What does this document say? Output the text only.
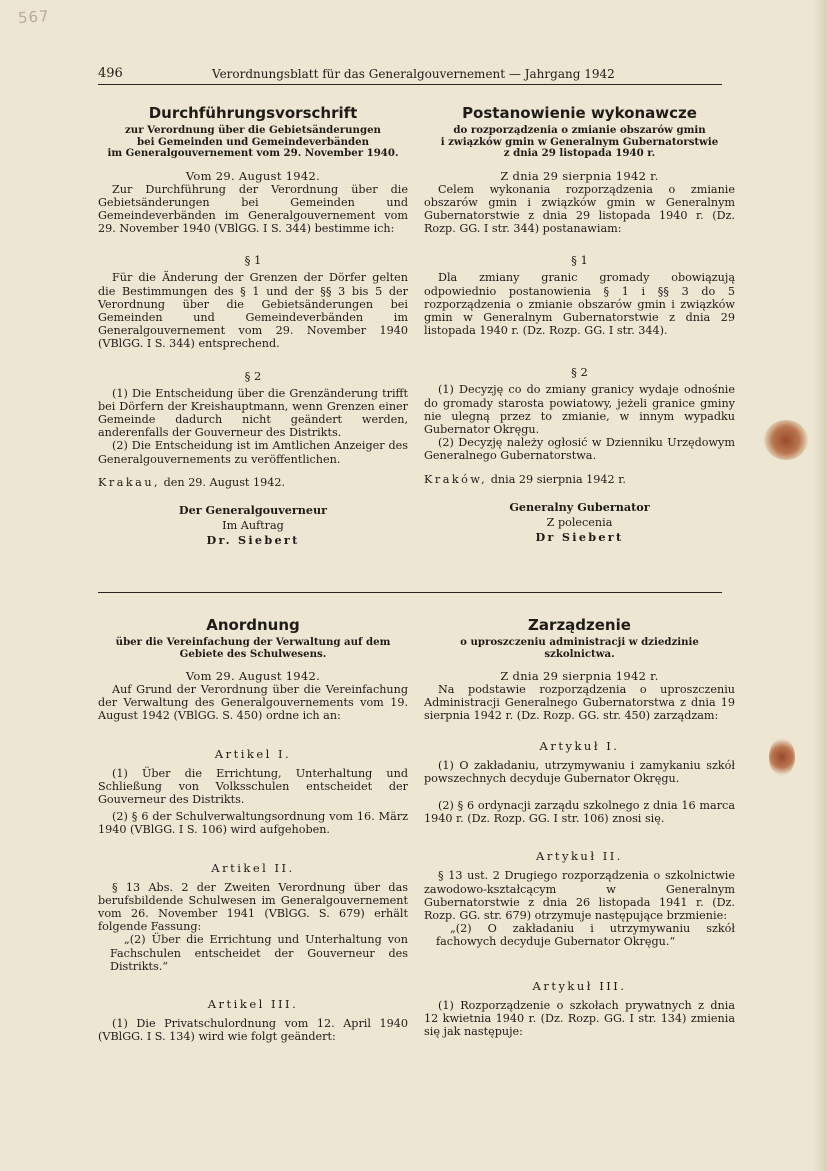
567
496	Verordnungsblatt für das Generalgouvernement — Jahrgang 1942
Durchführungsvorschrift
zur Verordnung über die Gebietsänderungen
bei Gemeinden und Gemeindeverbänden
im Generalgouvernement vom 29. November 1940.
Vom 29. August 1942.

Zur Durchführung der Verordnung über die Gebietsänderungen bei Gemeinden und Gemeindeverbänden im Generalgouvernement vom 29. November 1940 (VBlGG. I S. 344) bestimme ich:

§ 1

Für die Änderung der Grenzen der Dörfer gelten die Bestimmungen des § 1 und der §§ 3 bis 5 der Verordnung über die Gebietsänderungen bei Gemeinden und Gemeindeverbänden im Generalgouvernement vom 29. November 1940 (VBlGG. I S. 344) entsprechend.

§ 2

(1) Die Entscheidung über die Grenzänderung trifft bei Dörfern der Kreishauptmann, wenn Grenzen einer Gemeinde dadurch nicht geändert werden, anderenfalls der Gouverneur des Distrikts.

(2) Die Entscheidung ist im Amtlichen Anzeiger des Generalgouvernements zu veröffentlichen.

Krakau, den 29. August 1942.
Der Generalgouverneur
Im Auftrag
Dr. Siebert
Postanowienie wykonawcze
do rozporządzenia o zmianie obszarów gmin
i związków gmin w Generalnym Gubernatorstwie
z dnia 29 listopada 1940 r.
Z dnia 29 sierpnia 1942 r.

Celem wykonania rozporządzenia o zmianie obszarów gmin i związków gmin w Generalnym Gubernatorstwie z dnia 29 listopada 1940 r. (Dz. Rozp. GG. I str. 344) postanawiam:

§ 1

Dla zmiany granic gromady obowiązują odpowiednio postanowienia § 1 i §§ 3 do 5 rozporządzenia o zmianie obszarów gmin i związków gmin w Generalnym Gubernatorstwie z dnia 29 listopada 1940 r. (Dz. Rozp. GG. I str. 344).

§ 2

(1) Decyzję co do zmiany granicy wydaje odnośnie do gromady starosta powiatowy, jeżeli granice gminy nie ulegną przez to zmianie, w innym wypadku Gubernator Okręgu.

(2) Decyzję należy ogłosić w Dzienniku Urzędowym Generalnego Gubernatorstwa.

Kraków, dnia 29 sierpnia 1942 r.
Generalny Gubernator
Z polecenia
Dr Siebert
Anordnung
über die Vereinfachung der Verwaltung auf dem
Gebiete des Schulwesens.
Vom 29. August 1942.

Auf Grund der Verordnung über die Vereinfachung der Verwaltung des Generalgouvernements vom 19. August 1942 (VBlGG. S. 450) ordne ich an:

Artikel I.

(1) Über die Errichtung, Unterhaltung und Schließung von Volksschulen entscheidet der Gouverneur des Distrikts.

(2) § 6 der Schulverwaltungsordnung vom 16. März 1940 (VBlGG. I S. 106) wird aufgehoben.

Artikel II.

§ 13 Abs. 2 der Zweiten Verordnung über das berufsbildende Schulwesen im Generalgouvernement vom 26. November 1941 (VBlGG. S. 679) erhält folgende Fassung:

„(2) Über die Errichtung und Unterhaltung von Fachschulen entscheidet der Gouverneur des Distrikts.“

Artikel III.

(1) Die Privatschulordnung vom 12. April 1940 (VBlGG. I S. 134) wird wie folgt geändert:

Zarządzenie
o uproszczeniu administracji w dziedzinie
szkolnictwa.
Z dnia 29 sierpnia 1942 r.

Na podstawie rozporządzenia o uproszczeniu Administracji Generalnego Gubernatorstwa z dnia 19 sierpnia 1942 r. (Dz. Rozp. GG. str. 450) zarządzam:

Artykuł I.

(1) O zakładaniu, utrzymywaniu i zamykaniu szkół powszechnych decyduje Gubernator Okręgu.

(2) § 6 ordynacji zarządu szkolnego z dnia 16 marca 1940 r. (Dz. Rozp. GG. I str. 106) znosi się.

Artykuł II.

§ 13 ust. 2 Drugiego rozporządzenia o szkolnictwie zawodowo-kształcącym w Generalnym Gubernatorstwie z dnia 26 listopada 1941 r. (Dz. Rozp. GG. str. 679) otrzymuje następujące brzmienie:

„(2) O zakładaniu i utrzymywaniu szkół fachowych decyduje Gubernator Okręgu.“

Artykuł III.

(1) Rozporządzenie o szkołach prywatnych z dnia 12 kwietnia 1940 r. (Dz. Rozp. GG. I str. 134) zmienia się jak następuje:
